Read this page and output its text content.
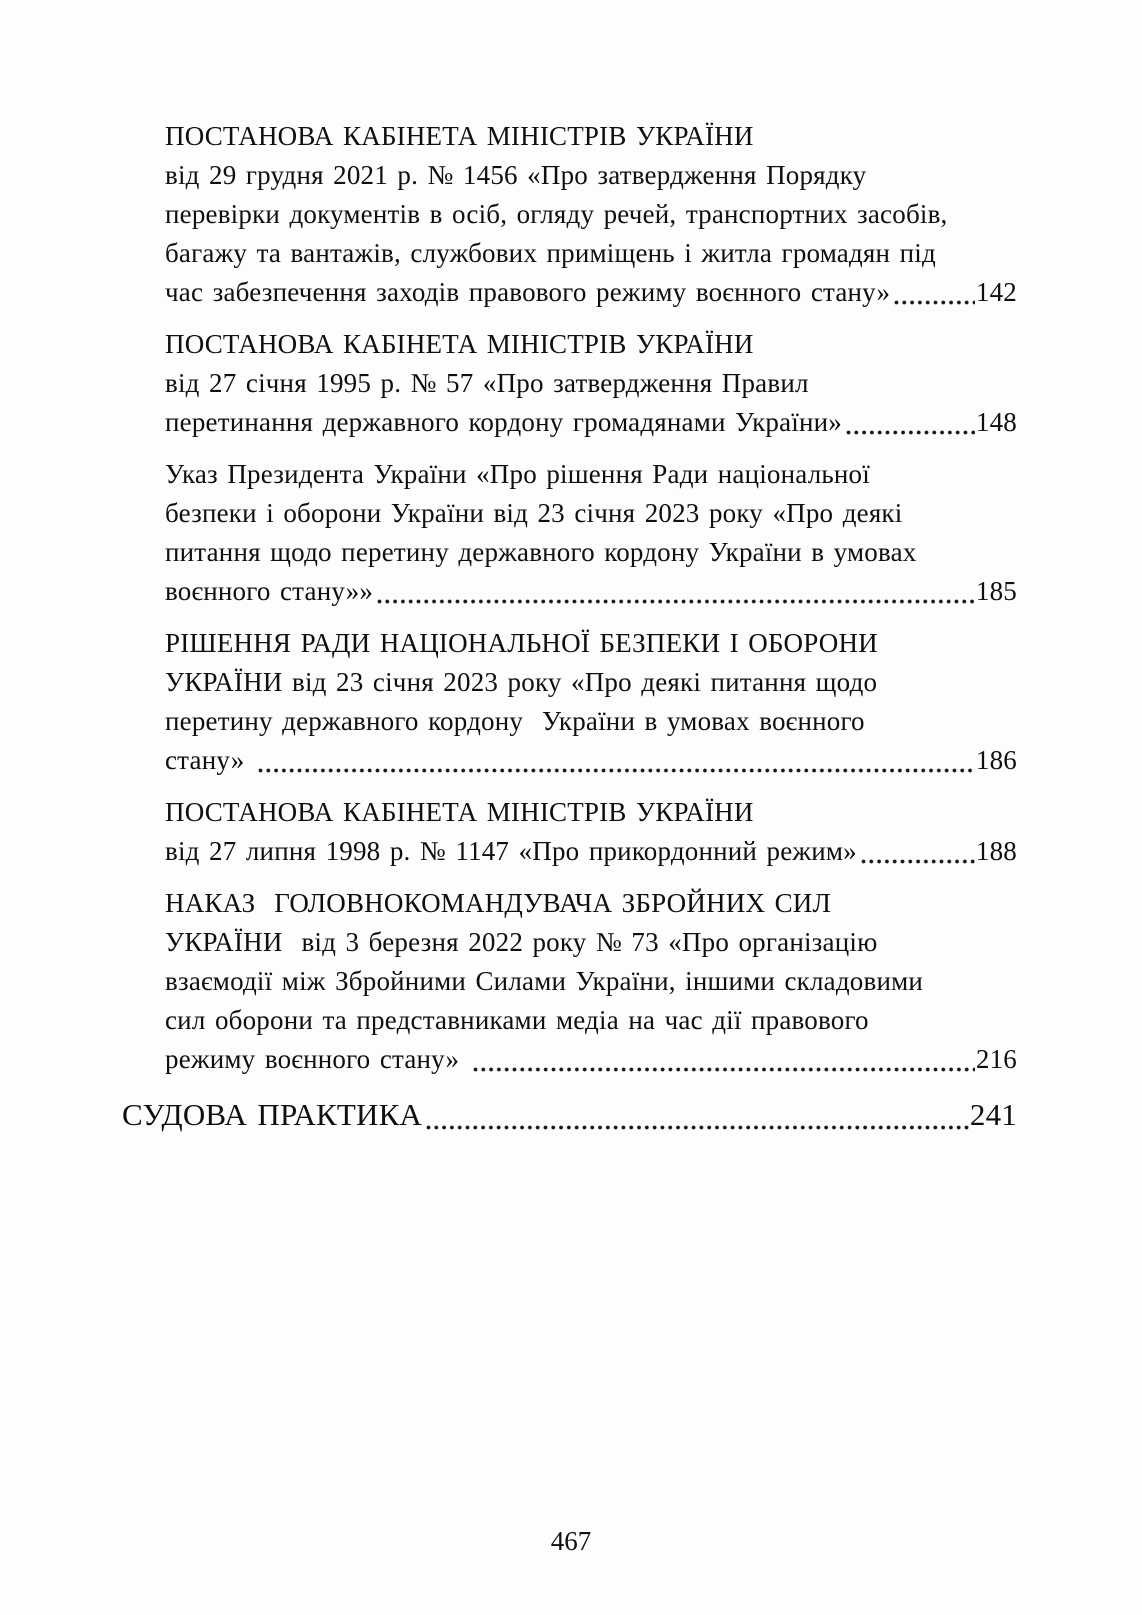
ПОСТАНОВА КАБІНЕТА МІНІСТРІВ УКРАЇНИ
від 29 грудня 2021 р. № 1456 «Про затвердження Порядку
перевірки документів в осіб, огляду речей, транспортних засобів,
багажу та вантажів, службових приміщень і житла громадян під
час забезпечення заходів правового режиму воєнного стану»	142
ПОСТАНОВА КАБІНЕТА МІНІСТРІВ УКРАЇНИ
від 27 січня 1995 р. № 57 «Про затвердження Правил
перетинання державного кордону громадянами України»	148
Указ Президента України «Про рішення Ради національної
безпеки і оборони України від 23 січня 2023 року «Про деякі
питання щодо перетину державного кордону України в умовах
воєнного стану»»	185
РІШЕННЯ РАДИ НАЦІОНАЛЬНОЇ БЕЗПЕКИ І ОБОРОНИ
УКРАЇНИ від 23 січня 2023 року «Про деякі питання щодо
перетину державного кордону  України в умовах воєнного
стану»	186
ПОСТАНОВА КАБІНЕТА МІНІСТРІВ УКРАЇНИ
від 27 липня 1998 р. № 1147 «Про прикордонний режим»	188
НАКАЗ  ГОЛОВНОКОМАНДУВАЧА ЗБРОЙНИХ СИЛ
УКРАЇНИ  від 3 березня 2022 року № 73 «Про організацію
взаємодії між Збройними Силами України, іншими складовими
сил оборони та представниками медіа на час дії правового
режиму воєнного стану»	216
СУДОВА ПРАКТИКА	241
467
